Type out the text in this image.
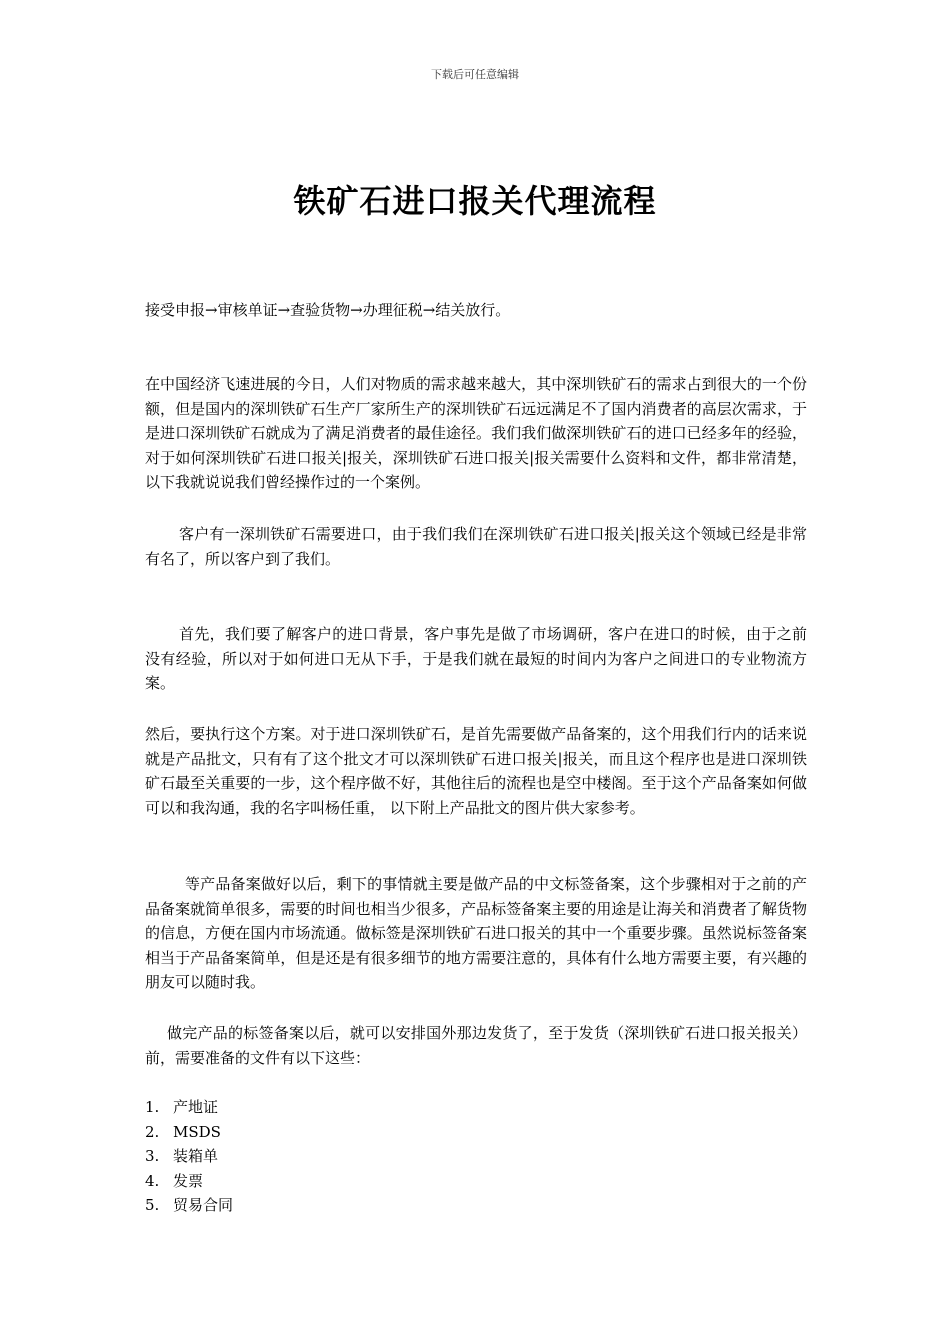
下载后可任意编辑
铁矿石进口报关代理流程

接受申报→审核单证→查验货物→办理征税→结关放行。

在中国经济飞速进展的今日，人们对物质的需求越来越大，其中深圳铁矿石的需求占到很大的一个份额，但是国内的深圳铁矿石生产厂家所生产的深圳铁矿石远远满足不了国内消费者的高层次需求，于是进口深圳铁矿石就成为了满足消费者的最佳途径。我们我们做深圳铁矿石的进口已经多年的经验，对于如何深圳铁矿石进口报关|报关，深圳铁矿石进口报关|报关需要什么资料和文件，都非常清楚，以下我就说说我们曾经操作过的一个案例。

客户有一深圳铁矿石需要进口，由于我们我们在深圳铁矿石进口报关|报关这个领域已经是非常有名了，所以客户到了我们。

首先，我们要了解客户的进口背景，客户事先是做了市场调研，客户在进口的时候，由于之前没有经验，所以对于如何进口无从下手，于是我们就在最短的时间内为客户之间进口的专业物流方案。

然后，要执行这个方案。对于进口深圳铁矿石，是首先需要做产品备案的，这个用我们行内的话来说就是产品批文，只有有了这个批文才可以深圳铁矿石进口报关|报关，而且这个程序也是进口深圳铁矿石最至关重要的一步，这个程序做不好，其他往后的流程也是空中楼阁。至于这个产品备案如何做可以和我沟通，我的名字叫杨任重， 以下附上产品批文的图片供大家参考。

等产品备案做好以后，剩下的事情就主要是做产品的中文标签备案，这个步骤相对于之前的产品备案就简单很多，需要的时间也相当少很多，产品标签备案主要的用途是让海关和消费者了解货物的信息，方便在国内市场流通。做标签是深圳铁矿石进口报关的其中一个重要步骤。虽然说标签备案相当于产品备案简单，但是还是有很多细节的地方需要注意的，具体有什么地方需要主要，有兴趣的朋友可以随时我。

做完产品的标签备案以后，就可以安排国外那边发货了，至于发货（深圳铁矿石进口报关报关）前，需要准备的文件有以下这些：

1. 产地证
2. MSDS
3. 装箱单
4. 发票
5. 贸易合同
